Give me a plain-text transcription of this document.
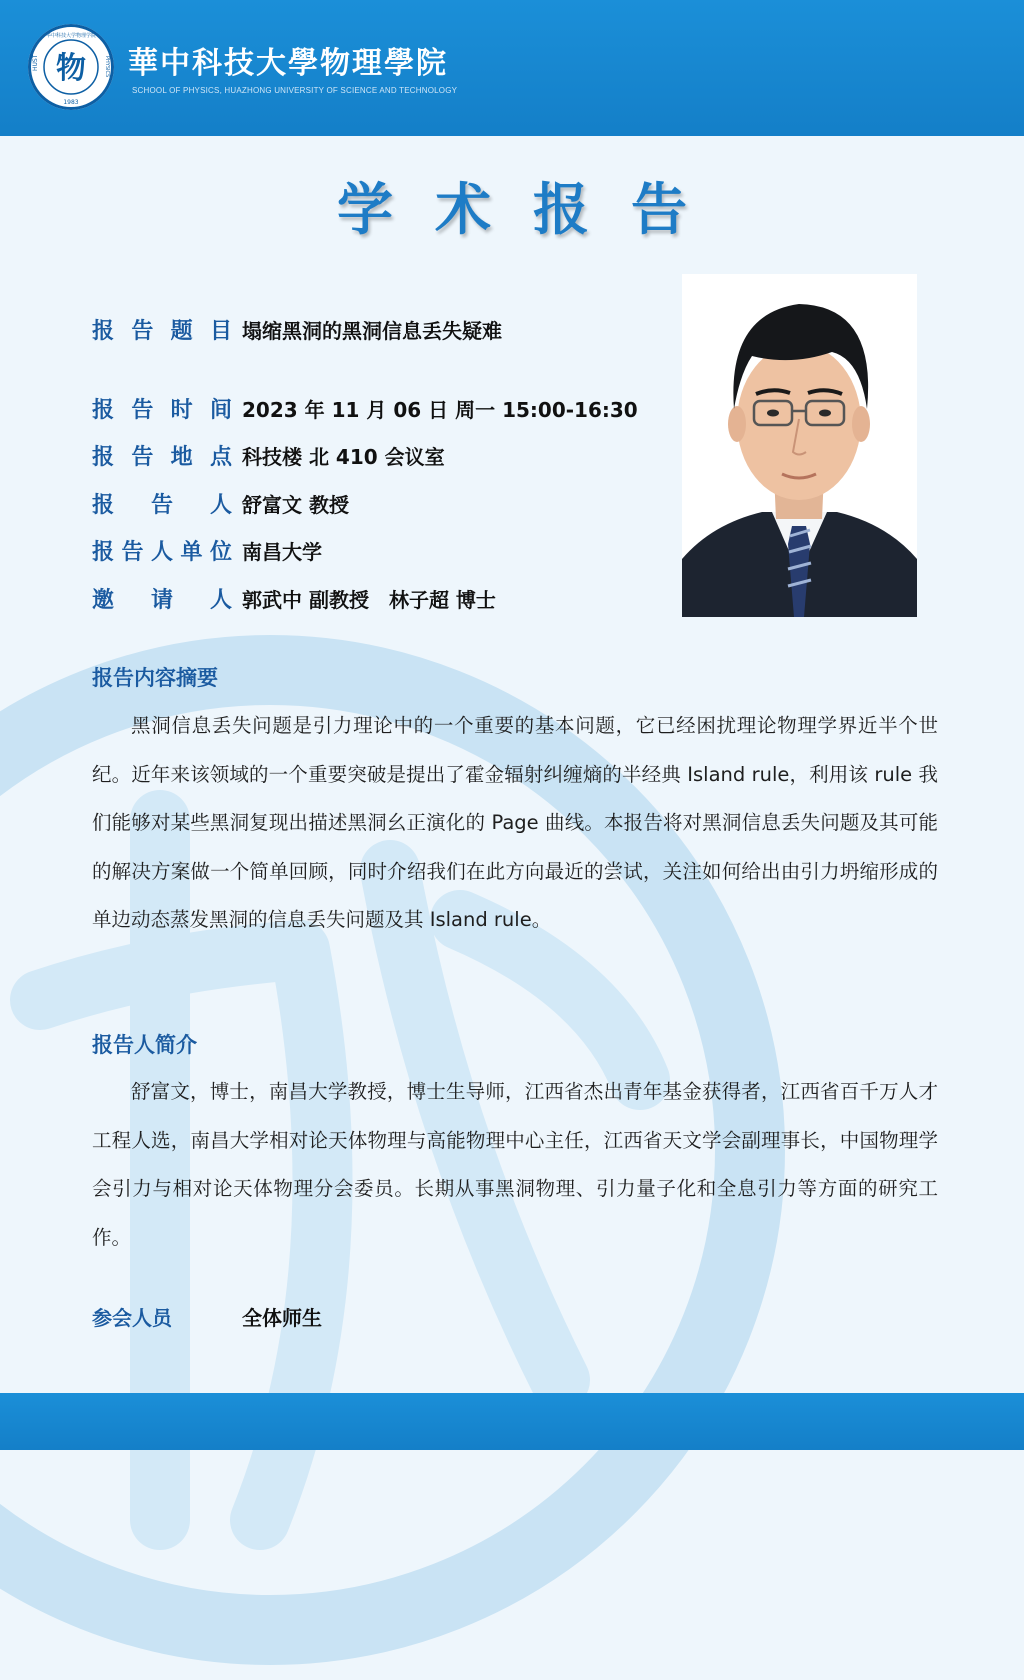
物
HUST	PHYSICS
华中科技大学物理学院
1983
華中科技大學物理學院
SCHOOL OF PHYSICS, HUAZHONG UNIVERSITY OF SCIENCE AND TECHNOLOGY
学术报告
报 告 题 目 塌缩黑洞的黑洞信息丢失疑难
报 告 时 间 2023 年 11 月 06 日 周一 15:00-16:30
报 告 地 点 科技楼 北 410 会议室
报 告 人 舒富文 教授
报 告 人 单 位 南昌大学
邀 请 人 郭武中 副教授　林子超 博士
报告内容摘要

黑洞信息丢失问题是引力理论中的一个重要的基本问题，它已经困扰理论物理学界近半个世纪。近年来该领域的一个重要突破是提出了霍金辐射纠缠熵的半经典 Island rule，利用该 rule 我们能够对某些黑洞复现出描述黑洞幺正演化的 Page 曲线。本报告将对黑洞信息丢失问题及其可能的解决方案做一个简单回顾，同时介绍我们在此方向最近的尝试，关注如何给出由引力坍缩形成的单边动态蒸发黑洞的信息丢失问题及其 Island rule。

报告人简介

舒富文，博士，南昌大学教授，博士生导师，江西省杰出青年基金获得者，江西省百千万人才工程人选，南昌大学相对论天体物理与高能物理中心主任，江西省天文学会副理事长，中国物理学会引力与相对论天体物理分会委员。长期从事黑洞物理、引力量子化和全息引力等方面的研究工作。

参会人员	全体师生
